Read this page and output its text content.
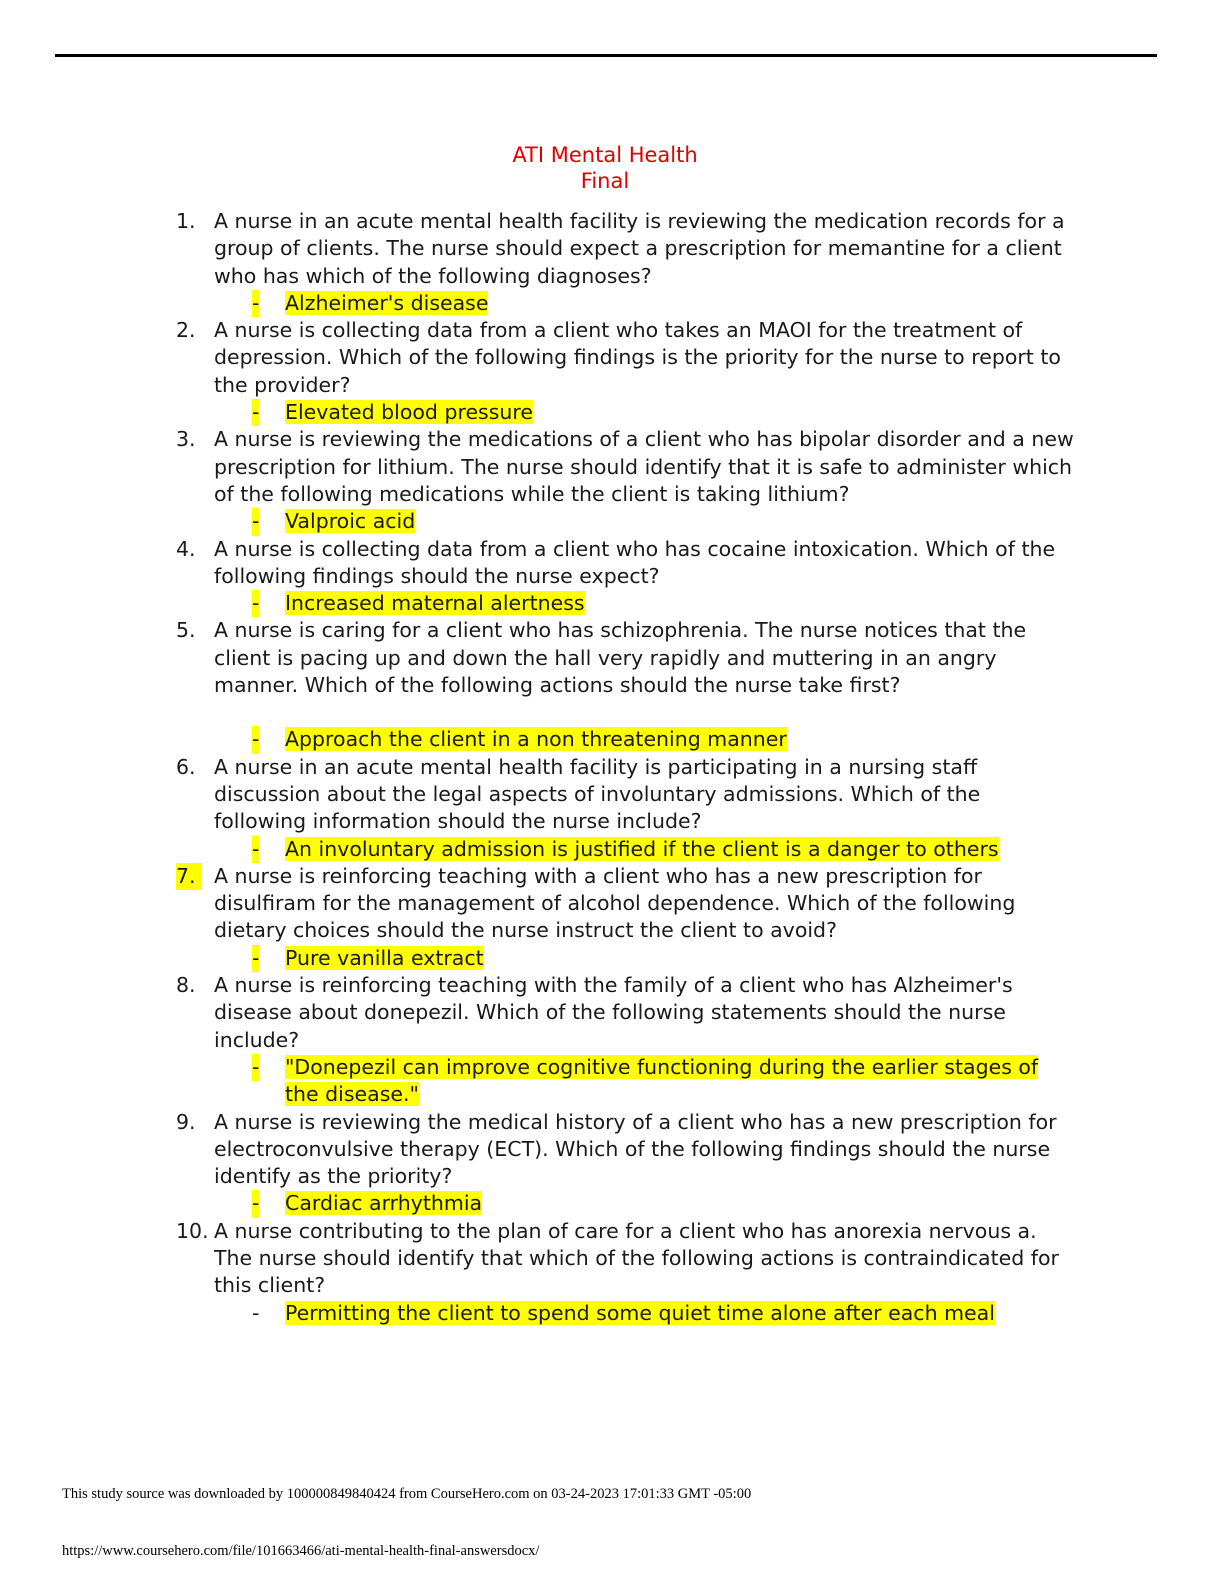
ATI Mental Health
Final
1. A nurse in an acute mental health facility is reviewing the medication records for a group of clients. The nurse should expect a prescription for memantine for a client who has which of the following diagnoses?
- Alzheimer's disease
2. A nurse is collecting data from a client who takes an MAOI for the treatment of depression. Which of the following findings is the priority for the nurse to report to the provider?
- Elevated blood pressure
3. A nurse is reviewing the medications of a client who has bipolar disorder and a new prescription for lithium. The nurse should identify that it is safe to administer which of the following medications while the client is taking lithium?
- Valproic acid
4. A nurse is collecting data from a client who has cocaine intoxication. Which of the following findings should the nurse expect?
- Increased maternal alertness
5. A nurse is caring for a client who has schizophrenia. The nurse notices that the client is pacing up and down the hall very rapidly and muttering in an angry manner. Which of the following actions should the nurse take first?
- Approach the client in a non threatening manner
6. A nurse in an acute mental health facility is participating in a nursing staff discussion about the legal aspects of involuntary admissions. Which of the following information should the nurse include?
- An involuntary admission is justified if the client is a danger to others
7. A nurse is reinforcing teaching with a client who has a new prescription for disulfiram for the management of alcohol dependence. Which of the following dietary choices should the nurse instruct the client to avoid?
- Pure vanilla extract
8. A nurse is reinforcing teaching with the family of a client who has Alzheimer's disease about donepezil. Which of the following statements should the nurse include?
- "Donepezil can improve cognitive functioning during the earlier stages of the disease."
9. A nurse is reviewing the medical history of a client who has a new prescription for electroconvulsive therapy (ECT). Which of the following findings should the nurse identify as the priority?
- Cardiac arrhythmia
10. A nurse contributing to the plan of care for a client who has anorexia nervous a. The nurse should identify that which of the following actions is contraindicated for this client?
- Permitting the client to spend some quiet time alone after each meal
This study source was downloaded by 100000849840424 from CourseHero.com on 03-24-2023 17:01:33 GMT -05:00
https://www.coursehero.com/file/101663466/ati-mental-health-final-answersdocx/
